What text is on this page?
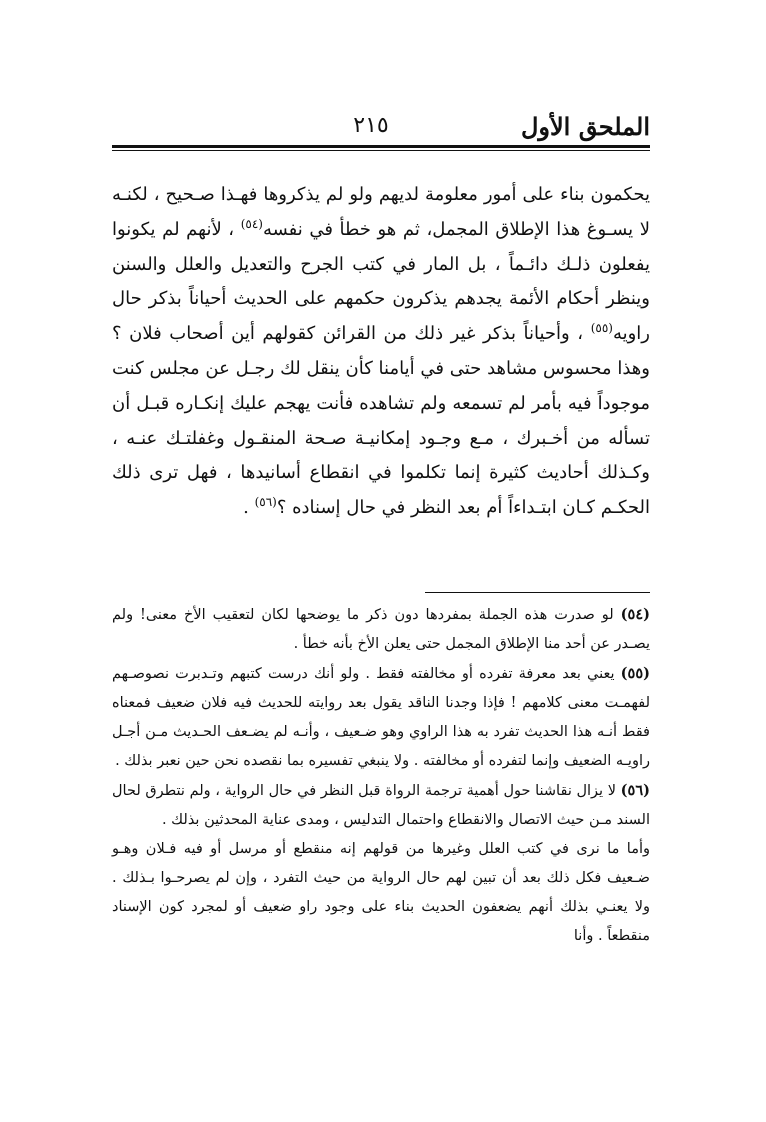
الملحق الأول
٢١٥

يحكمون بناء على أمور معلومة لديهم ولو لم يذكروها فهـذا صـحيح ، لكنـه لا يسـوغ هذا الإطلاق المجمل، ثم هو خطأ في نفسه$^{(٥٤)}$ ، لأنهم لم يكونوا يفعلون ذلـك دائـماً ، بل المار في كتب الجرح والتعديل والعلل والسنن وينظر أحكام الأئمة يجدهم يذكرون حكمهم على الحديث أحياناً بذكر حال راويه$^{(٥٥)}$ ، وأحياناً بذكر غير ذلك من القرائن كقولهم أين أصحاب فلان ؟ وهذا محسوس مشاهد حتى في أيامنا كأن ينقل لك رجـل عن مجلس كنت موجوداً فيه بأمر لم تسمعه ولم تشاهده فأنت يهجم عليك إنكـاره قبـل أن تسأله من أخـبرك ، مـع وجـود إمكانيـة صـحة المنقـول وغفلتـك عنـه ، وكـذلك أحاديث كثيرة إنما تكلموا في انقطاع أسانيدها ، فهل ترى ذلك الحكـم كـان ابتـداءاً أم بعد النظر في حال إسناده ؟$^{(٥٦)}$ .

(٥٤) لو صدرت هذه الجملة بمفردها دون ذكر ما يوضحها لكان لتعقيب الأخ معنى! ولم يصـدر عن أحد منا الإطلاق المجمل حتى يعلن الأخ بأنه خطأ .

(٥٥) يعني بعد معرفة تفرده أو مخالفته فقط . ولو أنك درست كتبهم وتـدبرت نصوصـهم لفهمـت معنى كلامهم ! فإذا وجدنا الناقد يقول بعد روايته للحديث فيه فلان ضعيف فمعناه فقط أنـه هذا الحديث تفرد به هذا الراوي وهو ضـعيف ، وأنـه لم يضـعف الحـديث مـن أجـل راويـه الضعيف وإنما لتفرده أو مخالفته . ولا ينبغي تفسيره بما نقصده نحن حين نعبر بذلك .

(٥٦) لا يزال نقاشنا حول أهمية ترجمة الرواة قبل النظر في حال الرواية ، ولم نتطرق لحال السند مـن حيث الاتصال والانقطاع واحتمال التدليس ، ومدى عناية المحدثين بذلك .

وأما ما نرى في كتب العلل وغيرها من قولهم إنه منقطع أو مرسل أو فيه فـلان وهـو ضـعيف فكل ذلك بعد أن تبين لهم حال الرواية من حيث التفرد ، وإن لم يصرحـوا بـذلك . ولا يعنـي بذلك أنهم يضعفون الحديث بناء على وجود راو ضعيف أو لمجرد كون الإسناد منقطعاً . وأنا
